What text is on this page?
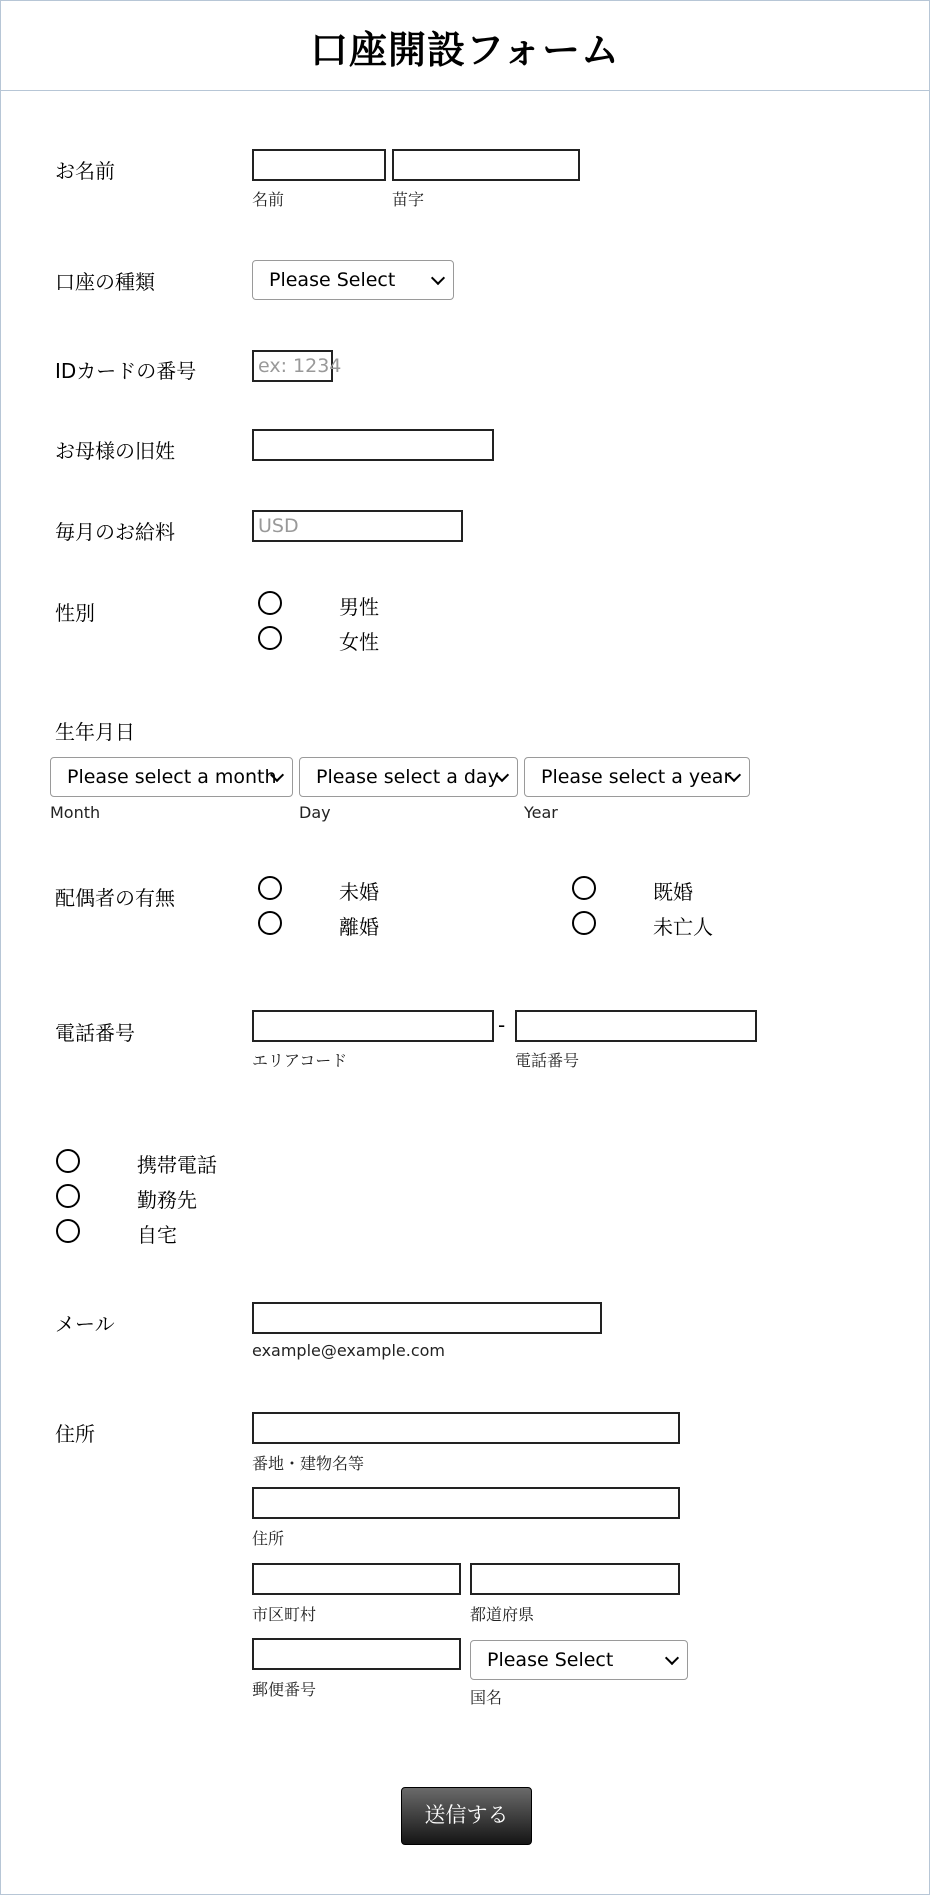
口座開設フォーム
お名前
名前	苗字
口座の種類	Please Select
IDカードの番号	ex: 1234
お母様の旧姓
毎月のお給料	USD
性別	男性
女性
生年月日
Please select a month	Please select a day	Please select a year
Month	Day	Year
配偶者の有無	未婚	既婚
離婚	未亡人
電話番号	-
エリアコード	電話番号
携帯電話
勤務先
自宅
メール
example@example.com
住所
番地・建物名等
住所
市区町村	都道府県
Please Select
郵便番号	国名
送信する
